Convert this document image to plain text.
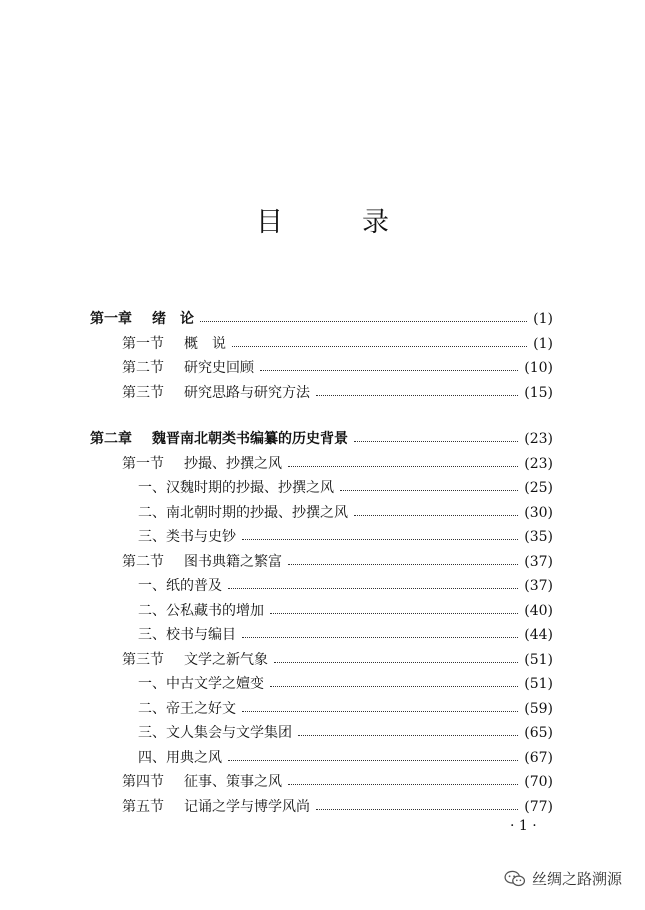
目　录
第一章 绪　论	(1)
第一节 概　说	(1)
第二节 研究史回顾	(10)
第三节 研究思路与研究方法	(15)
第二章 魏晋南北朝类书编纂的历史背景	(23)
第一节 抄撮、抄撰之风	(23)
一、汉魏时期的抄撮、抄撰之风	(25)
二、南北朝时期的抄撮、抄撰之风	(30)
三、类书与史钞	(35)
第二节 图书典籍之繁富	(37)
一、纸的普及	(37)
二、公私藏书的增加	(40)
三、校书与编目	(44)
第三节 文学之新气象	(51)
一、中古文学之嬗变	(51)
二、帝王之好文	(59)
三、文人集会与文学集团	(65)
四、用典之风	(67)
第四节 征事、策事之风	(70)
第五节 记诵之学与博学风尚	(77)
· 1 ·
丝绸之路溯源
